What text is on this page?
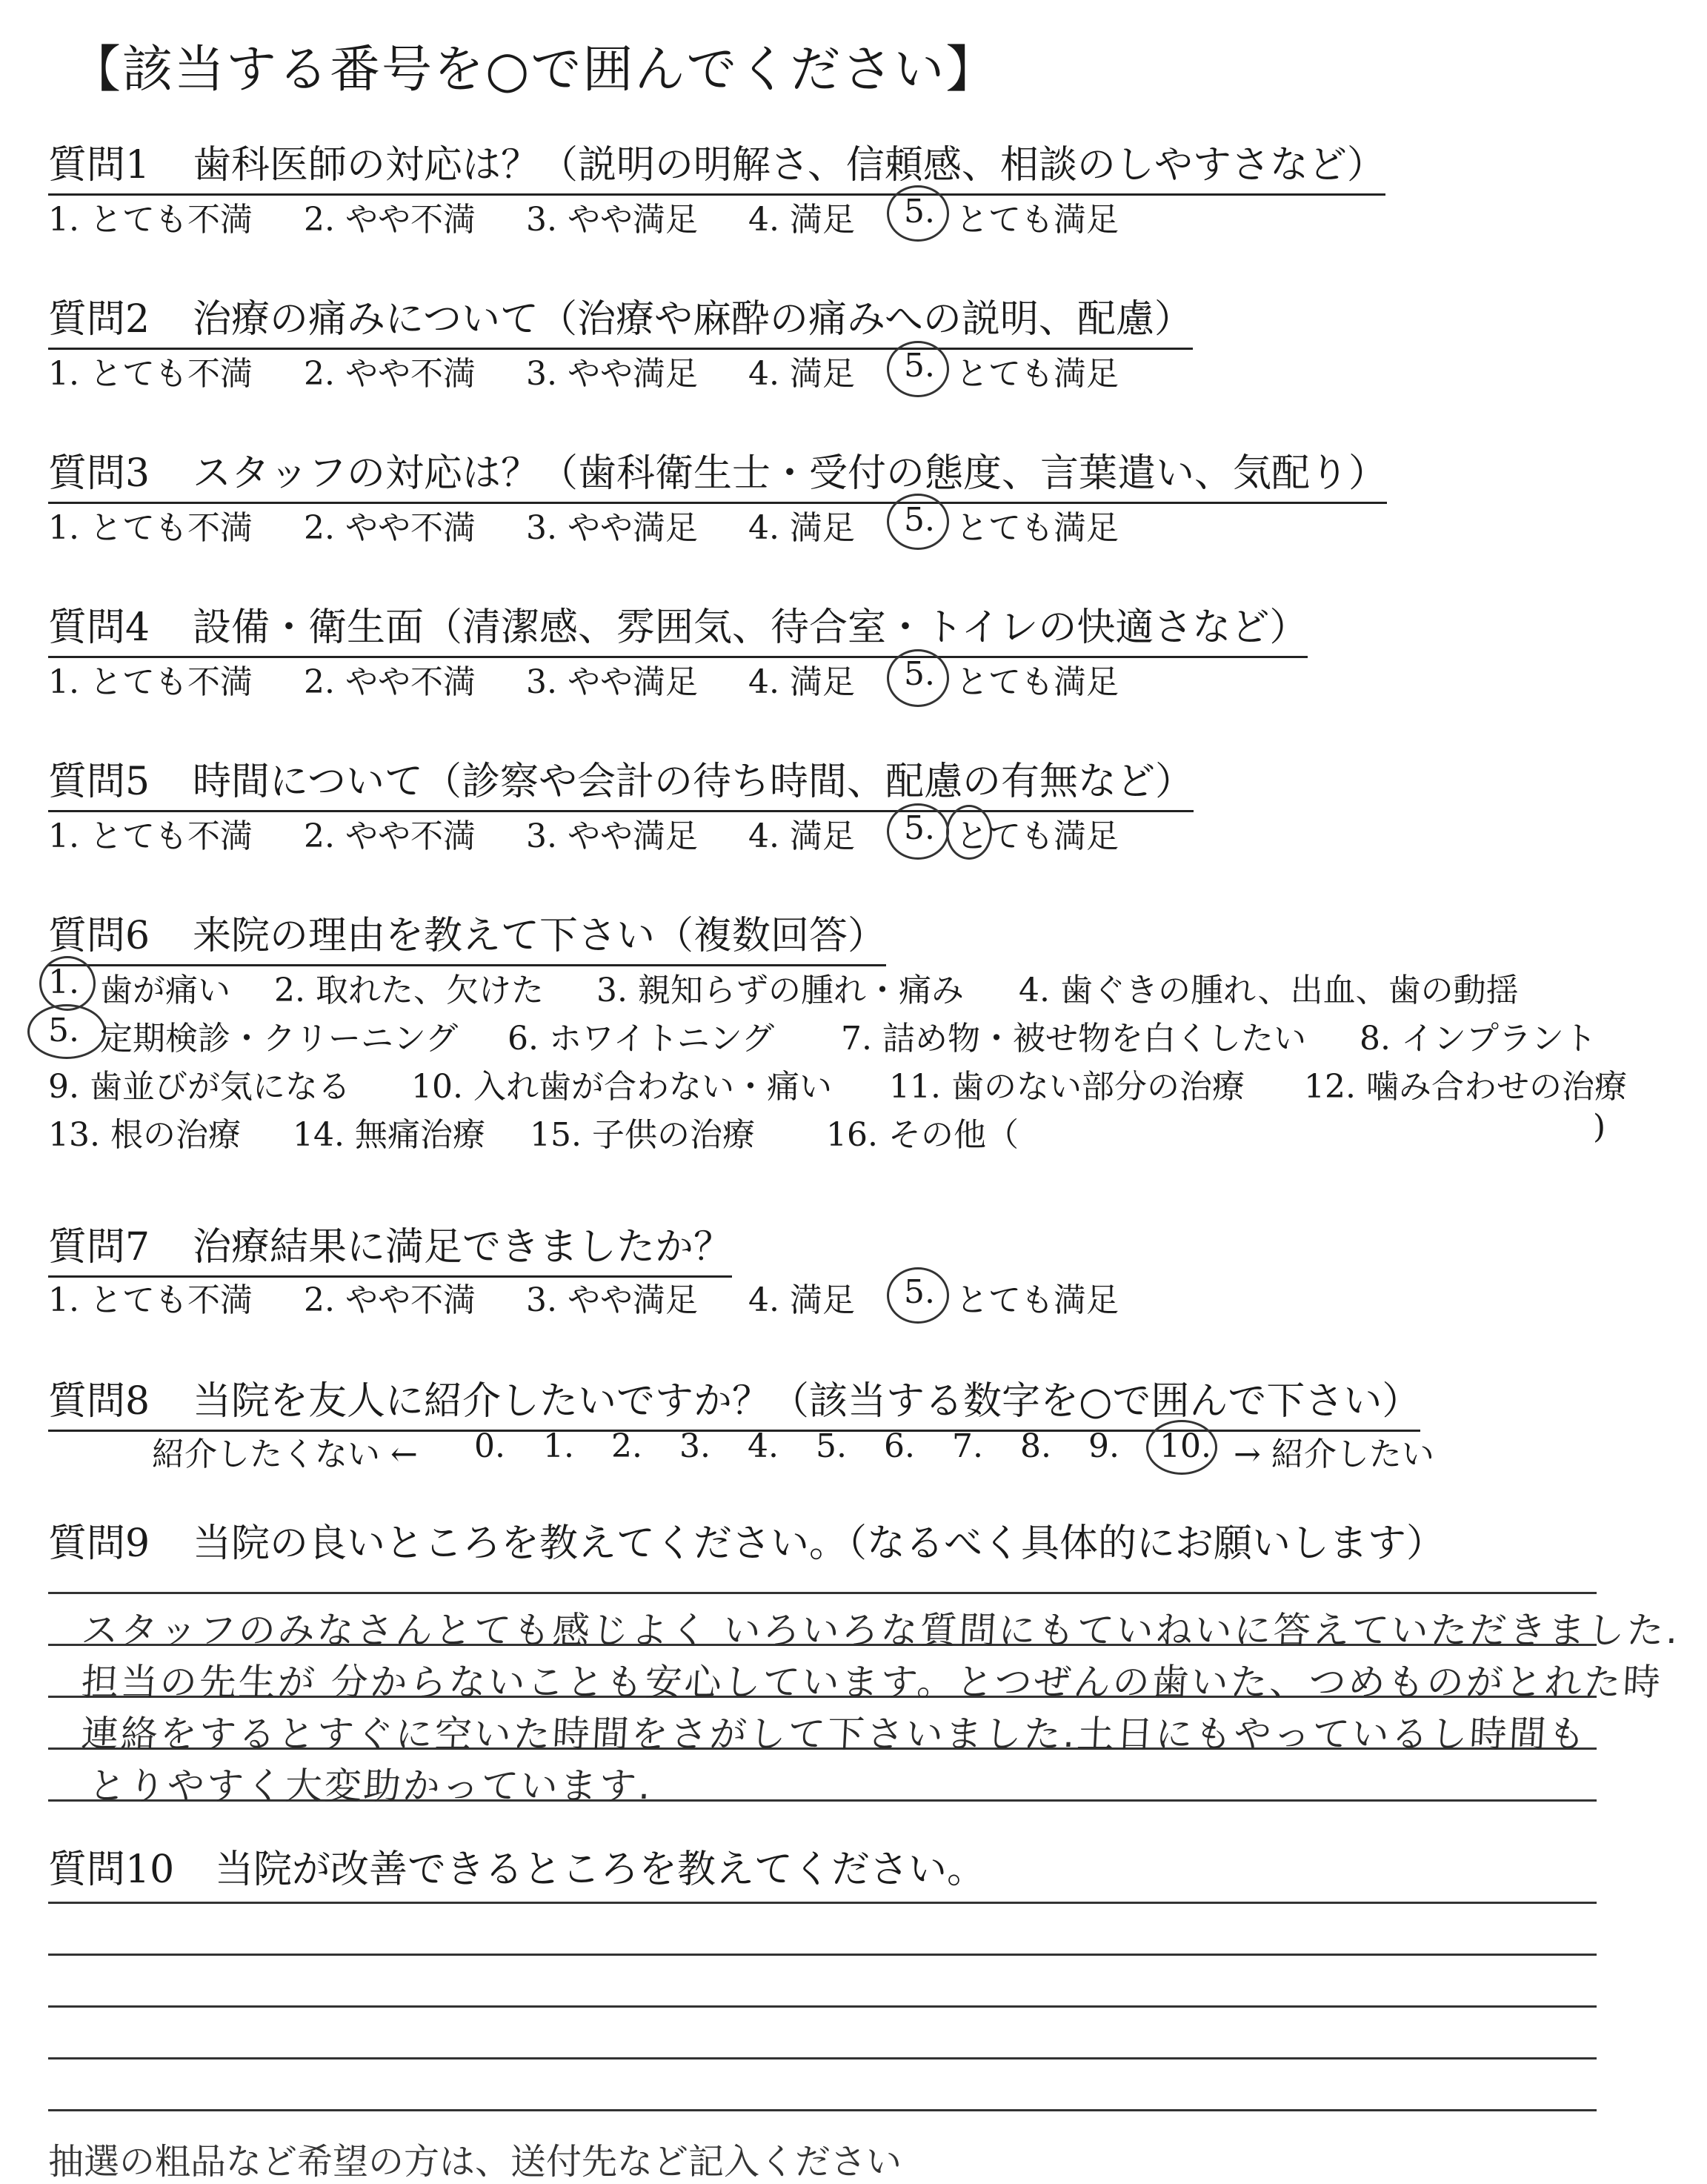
【該当する番号を○で囲んでください】
質問1 歯科医師の対応は？（説明の明解さ、信頼感、相談のしやすさなど）
1. とても不満 2. やや不満 3. やや満足 4. 満足 5. とても満足
質問2 治療の痛みについて（治療や麻酔の痛みへの説明、配慮）
1. とても不満 2. やや不満 3. やや満足 4. 満足 5. とても満足
質問3 スタッフの対応は？（歯科衛生士・受付の態度、言葉遣い、気配り）
1. とても不満 2. やや不満 3. やや満足 4. 満足 5. とても満足
質問4 設備・衛生面（清潔感、雰囲気、待合室・トイレの快適さなど）
1. とても不満 2. やや不満 3. やや満足 4. 満足 5. とても満足
質問5 時間について（診察や会計の待ち時間、配慮の有無など）
1. とても不満 2. やや不満 3. やや満足 4. 満足 5. とても満足
質問6 来院の理由を教えて下さい（複数回答）
1. 歯が痛い 2. 取れた、欠けた 3. 親知らずの腫れ・痛み 4. 歯ぐきの腫れ、出血、歯の動揺
5. 定期検診・クリーニング 6. ホワイトニング 7. 詰め物・被せ物を白くしたい 8. インプラント
9. 歯並びが気になる 10. 入れ歯が合わない・痛い 11. 歯のない部分の治療 12. 噛み合わせの治療
13. 根の治療 14. 無痛治療 15. 子供の治療 16. その他（	)
質問7 治療結果に満足できましたか？
1. とても不満 2. やや不満 3. やや満足 4. 満足 5. とても満足
質問8 当院を友人に紹介したいですか？（該当する数字を○で囲んで下さい）
紹介したくない ← 0. 1. 2. 3. 4. 5. 6. 7. 8. 9. 10. → 紹介したい
質問9 当院の良いところを教えてください。（なるべく具体的にお願いします）
スタッフのみなさんとても感じよく いろいろな質問にもていねいに答えていただきました.
担当の先生が 分からないことも安心しています。とつぜんの歯いた、つめものがとれた時
連絡をするとすぐに空いた時間をさがして下さいました.土日にもやっているし時間も
とりやすく大変助かっています.
質問10 当院が改善できるところを教えてください。
抽選の粗品など希望の方は、送付先など記入ください
